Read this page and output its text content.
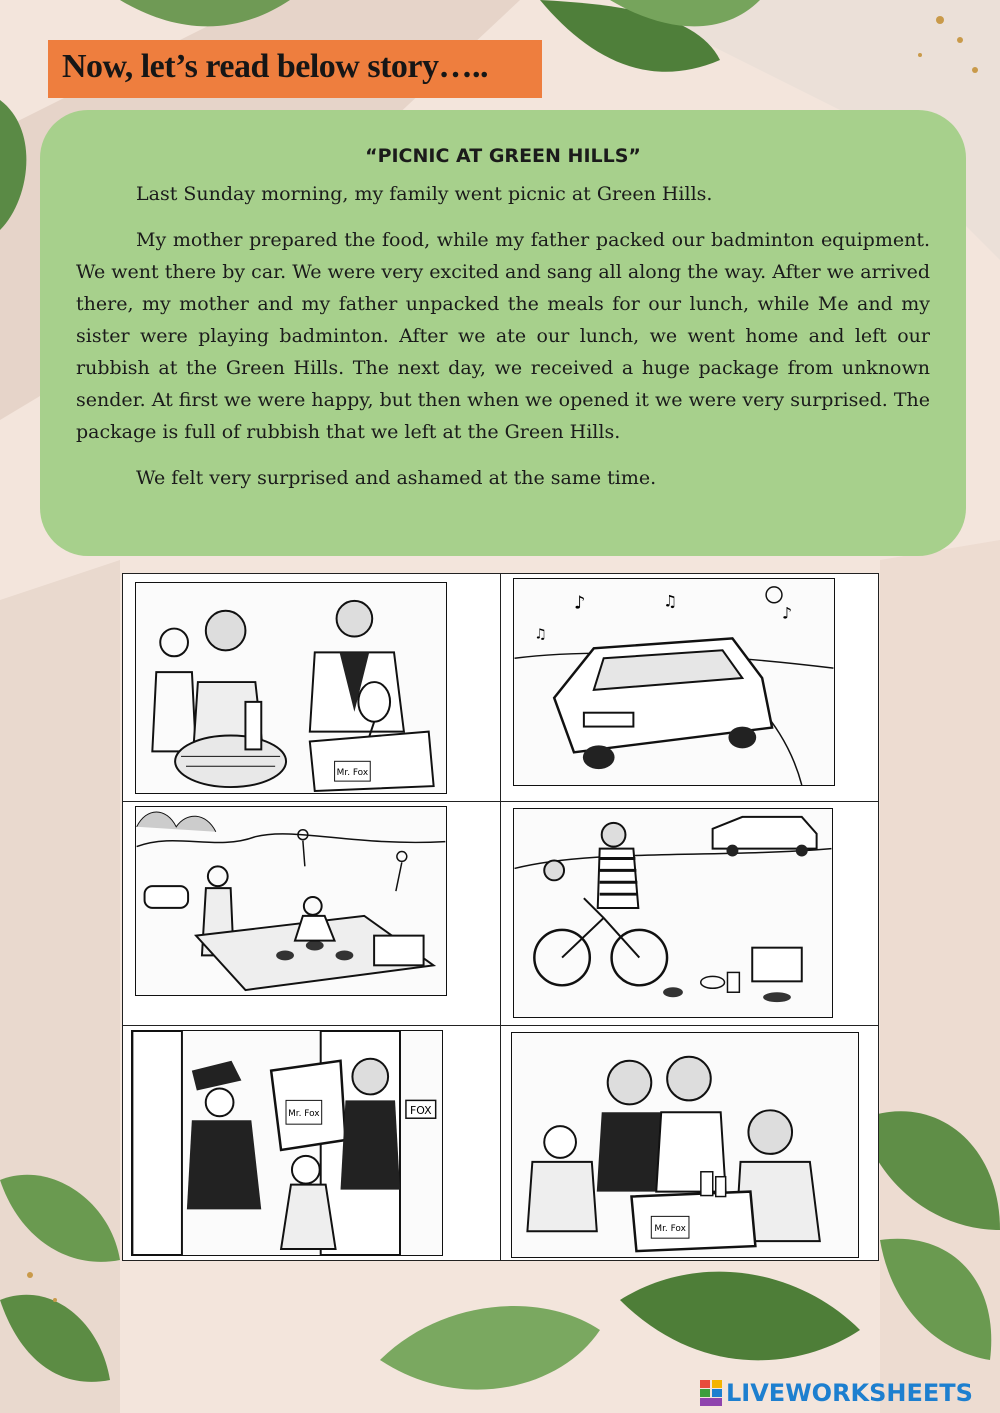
Now, let’s read below story…..
“PICNIC AT GREEN HILLS”

Last Sunday morning, my family went picnic at Green Hills.

My mother prepared the food, while my father packed our badminton equipment. We went there by car. We were very excited and sang all along the way. After we arrived there, my mother and my father unpacked the meals for our lunch, while Me and my sister were playing badminton. After we ate our lunch, we went home and left our rubbish at the Green Hills. The next day, we received a huge package from unknown sender. At first we were happy, but then when we opened it we were very surprised. The package is full of rubbish that we left at the Green Hills.

We felt very surprised and ashamed at the same time.

Mr. Fox
♪	♫
♪
♫
Mr. Fox	FOX
Mr. Fox
LIVEWORKSHEETS
